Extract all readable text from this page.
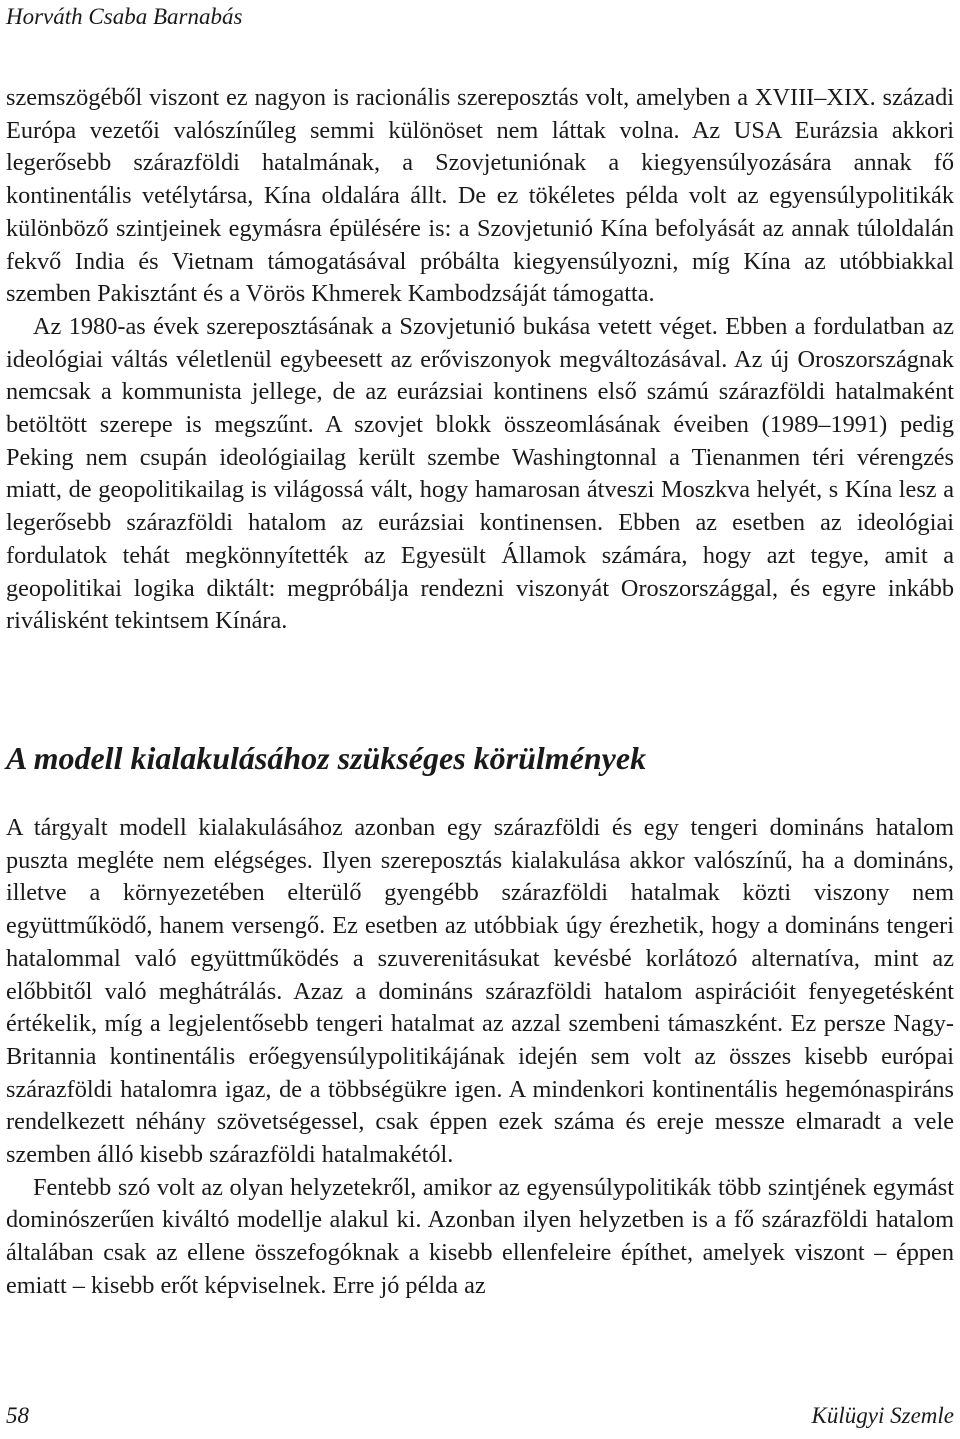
Horváth Csaba Barnabás

szemszögéből viszont ez nagyon is racionális szereposztás volt, amelyben a XVIII–XIX. századi Európa vezetői valószínűleg semmi különöset nem láttak volna. Az USA Eurázsia akkori legerősebb szárazföldi hatalmának, a Szovjetuniónak a kiegyensúlyozására annak fő kontinentális vetélytársa, Kína oldalára állt. De ez tökéletes példa volt az egyensúlypolitikák különböző szintjeinek egymásra épülésére is: a Szovjetunió Kína befolyását az annak túloldalán fekvő India és Vietnam támogatásával próbálta kiegyensúlyozni, míg Kína az utóbbiakkal szemben Pakisztánt és a Vörös Khmerek Kambodzsáját támogatta.

Az 1980-as évek szereposztásának a Szovjetunió bukása vetett véget. Ebben a fordulatban az ideológiai váltás véletlenül egybeesett az erőviszonyok megváltozásával. Az új Oroszországnak nemcsak a kommunista jellege, de az eurázsiai kontinens első számú szárazföldi hatalmaként betöltött szerepe is megszűnt. A szovjet blokk összeomlásának éveiben (1989–1991) pedig Peking nem csupán ideológiailag került szembe Washingtonnal a Tienanmen téri vérengzés miatt, de geopolitikailag is világossá vált, hogy hamarosan átveszi Moszkva helyét, s Kína lesz a legerősebb szárazföldi hatalom az eurázsiai kontinensen. Ebben az esetben az ideológiai fordulatok tehát megkönnyítették az Egyesült Államok számára, hogy azt tegye, amit a geopolitikai logika diktált: megpróbálja rendezni viszonyát Oroszországgal, és egyre inkább riválisként tekintsem Kínára.

A modell kialakulásához szükséges körülmények

A tárgyalt modell kialakulásához azonban egy szárazföldi és egy tengeri domináns hatalom puszta megléte nem elégséges. Ilyen szereposztás kialakulása akkor valószínű, ha a domináns, illetve a környezetében elterülő gyengébb szárazföldi hatalmak közti viszony nem együttműködő, hanem versengő. Ez esetben az utóbbiak úgy érezhetik, hogy a domináns tengeri hatalommal való együttműködés a szuverenitásukat kevésbé korlátozó alternatíva, mint az előbbitől való meghátrálás. Azaz a domináns szárazföldi hatalom aspirációit fenyegetésként értékelik, míg a legjelentősebb tengeri hatalmat az azzal szembeni támaszként. Ez persze Nagy-Britannia kontinentális erőegyensúlypolitikájának idején sem volt az összes kisebb európai szárazföldi hatalomra igaz, de a többségükre igen. A mindenkori kontinentális hegemónaspiráns rendelkezett néhány szövetségessel, csak éppen ezek száma és ereje messze elmaradt a vele szemben álló kisebb szárazföldi hatalmakétól.

Fentebb szó volt az olyan helyzetekről, amikor az egyensúlypolitikák több szintjének egymást dominószerűen kiváltó modellje alakul ki. Azonban ilyen helyzetben is a fő szárazföldi hatalom általában csak az ellene összefogóknak a kisebb ellenfeleire építhet, amelyek viszont – éppen emiatt – kisebb erőt képviselnek. Erre jó példa az

58	Külügyi Szemle
